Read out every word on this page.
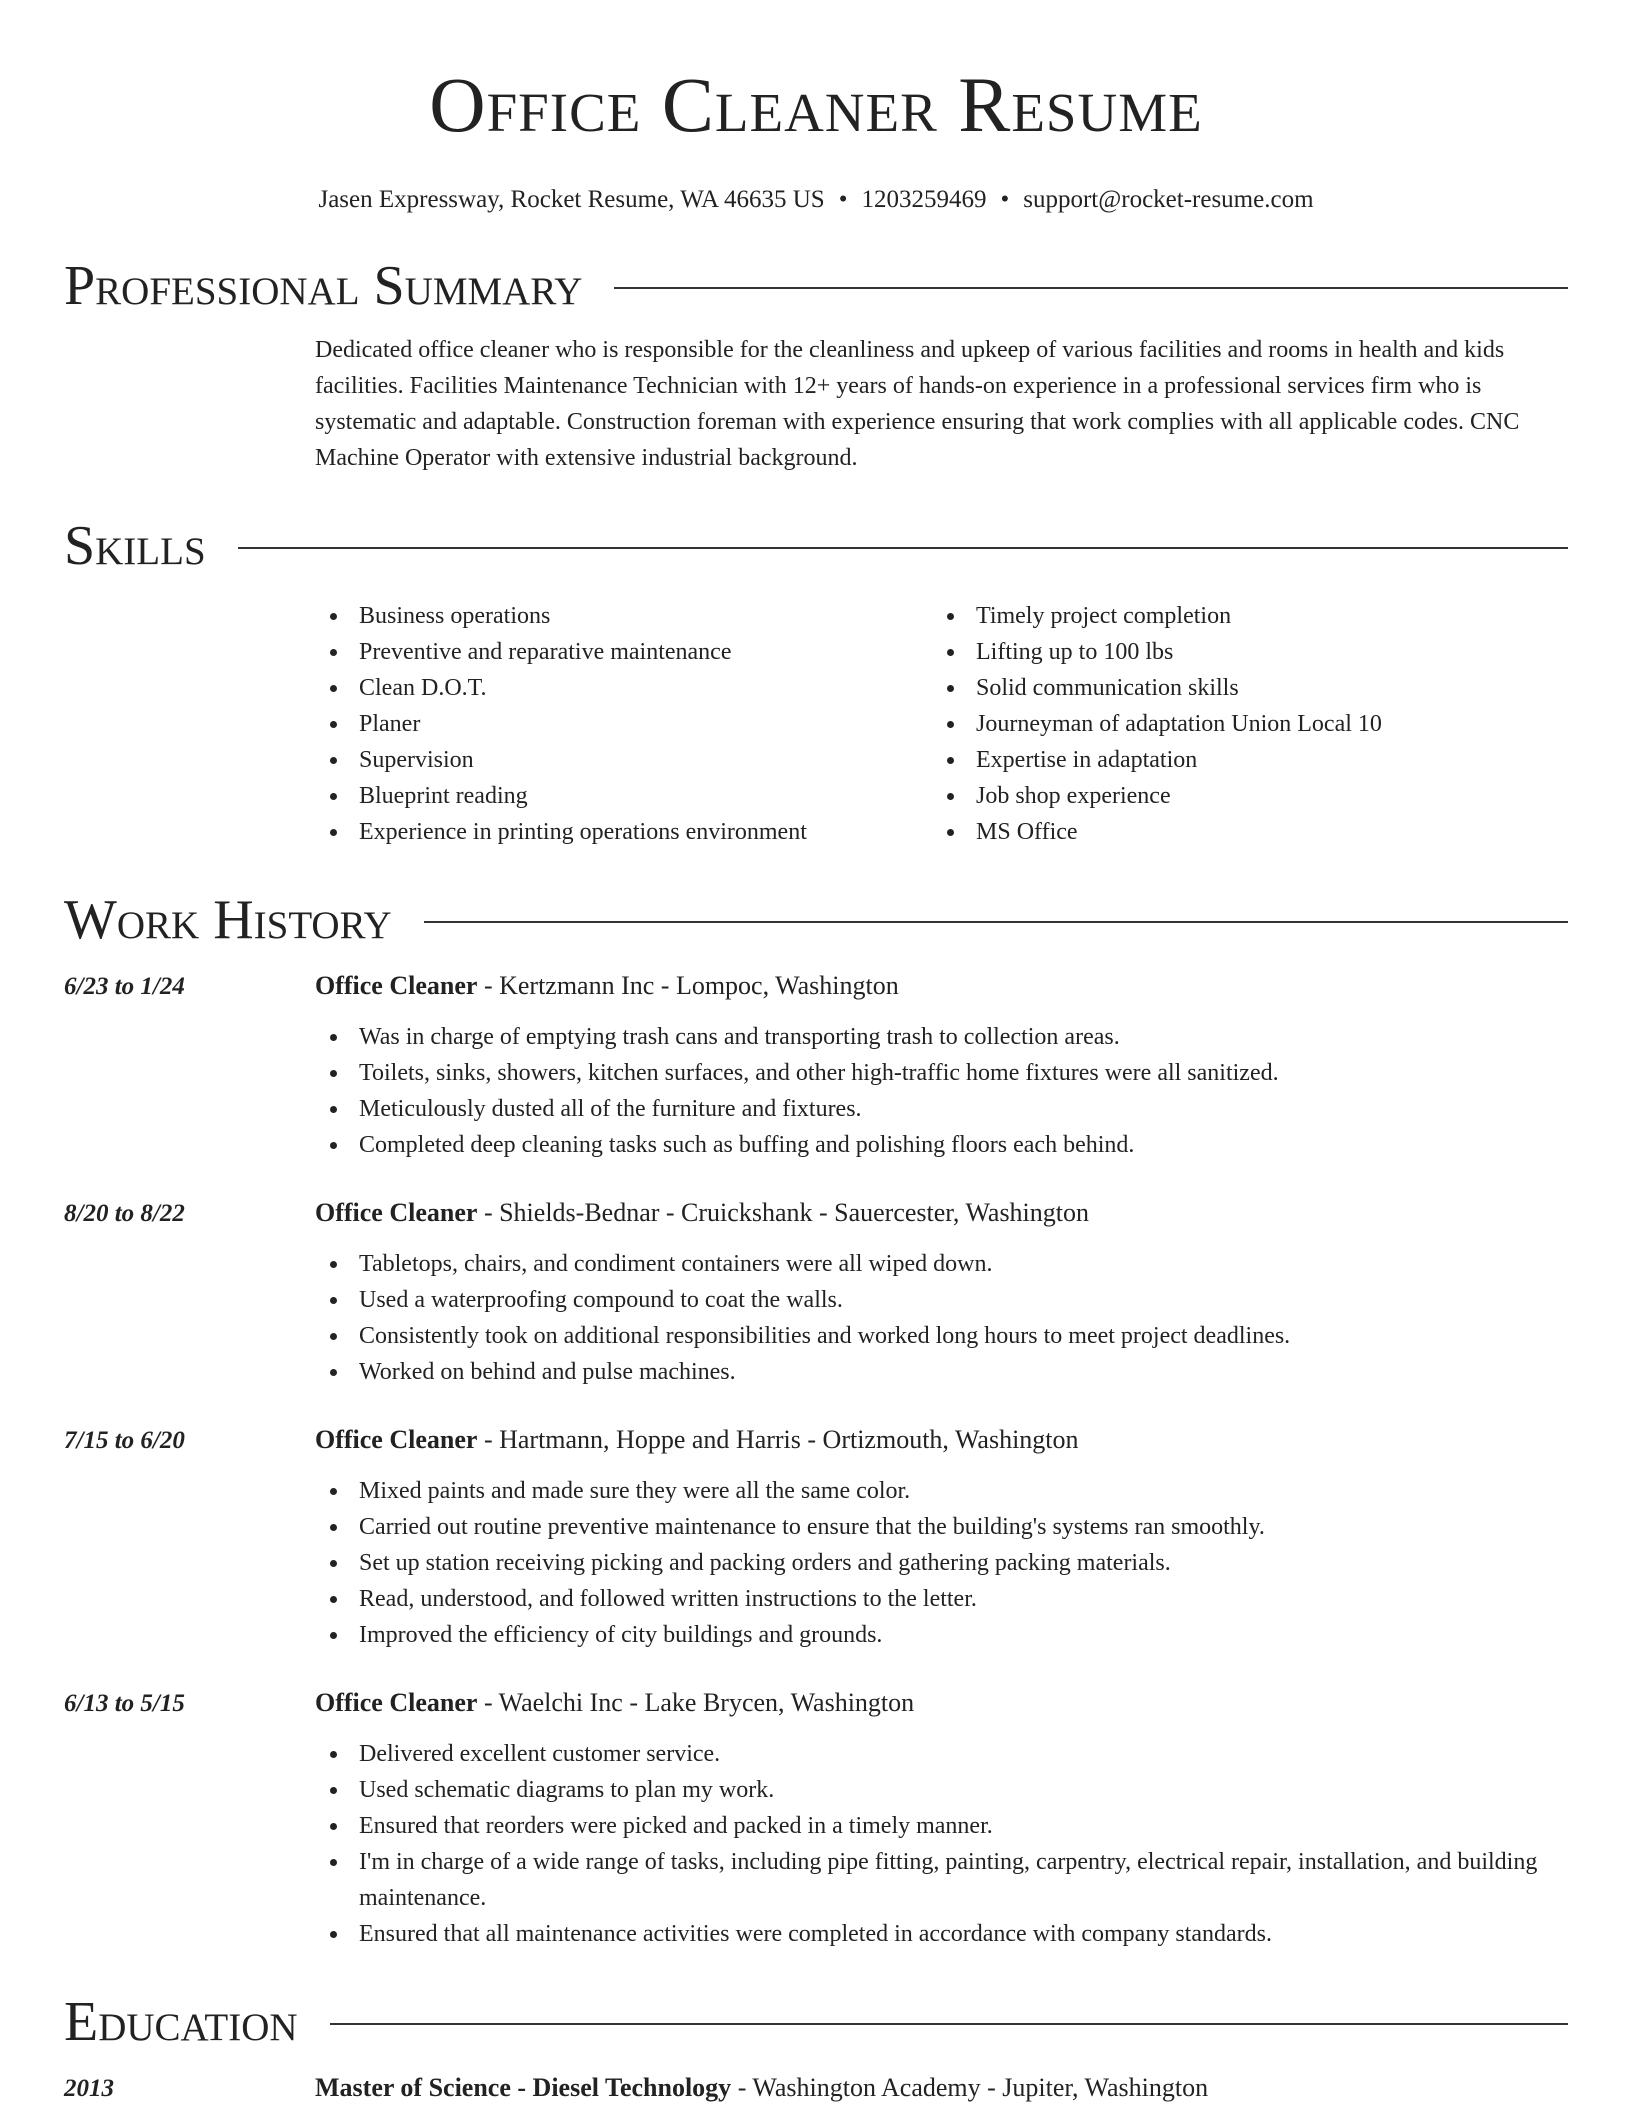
Office Cleaner Resume
Jasen Expressway, Rocket Resume, WA 46635 US • 1203259469 • support@rocket-resume.com
Professional Summary
Dedicated office cleaner who is responsible for the cleanliness and upkeep of various facilities and rooms in health and kids facilities. Facilities Maintenance Technician with 12+ years of hands-on experience in a professional services firm who is systematic and adaptable. Construction foreman with experience ensuring that work complies with all applicable codes. CNC Machine Operator with extensive industrial background.
Skills
Business operations
Preventive and reparative maintenance
Clean D.O.T.
Planer
Supervision
Blueprint reading
Experience in printing operations environment
Timely project completion
Lifting up to 100 lbs
Solid communication skills
Journeyman of adaptation Union Local 10
Expertise in adaptation
Job shop experience
MS Office
Work History
6/23 to 1/24	Office Cleaner - Kertzmann Inc - Lompoc, Washington
Was in charge of emptying trash cans and transporting trash to collection areas.
Toilets, sinks, showers, kitchen surfaces, and other high-traffic home fixtures were all sanitized.
Meticulously dusted all of the furniture and fixtures.
Completed deep cleaning tasks such as buffing and polishing floors each behind.
8/20 to 8/22	Office Cleaner - Shields-Bednar - Cruickshank - Sauercester, Washington
Tabletops, chairs, and condiment containers were all wiped down.
Used a waterproofing compound to coat the walls.
Consistently took on additional responsibilities and worked long hours to meet project deadlines.
Worked on behind and pulse machines.
7/15 to 6/20	Office Cleaner - Hartmann, Hoppe and Harris - Ortizmouth, Washington
Mixed paints and made sure they were all the same color.
Carried out routine preventive maintenance to ensure that the building's systems ran smoothly.
Set up station receiving picking and packing orders and gathering packing materials.
Read, understood, and followed written instructions to the letter.
Improved the efficiency of city buildings and grounds.
6/13 to 5/15	Office Cleaner - Waelchi Inc - Lake Brycen, Washington
Delivered excellent customer service.
Used schematic diagrams to plan my work.
Ensured that reorders were picked and packed in a timely manner.
I'm in charge of a wide range of tasks, including pipe fitting, painting, carpentry, electrical repair, installation, and building maintenance.
Ensured that all maintenance activities were completed in accordance with company standards.
Education
2013	Master of Science - Diesel Technology - Washington Academy - Jupiter, Washington
